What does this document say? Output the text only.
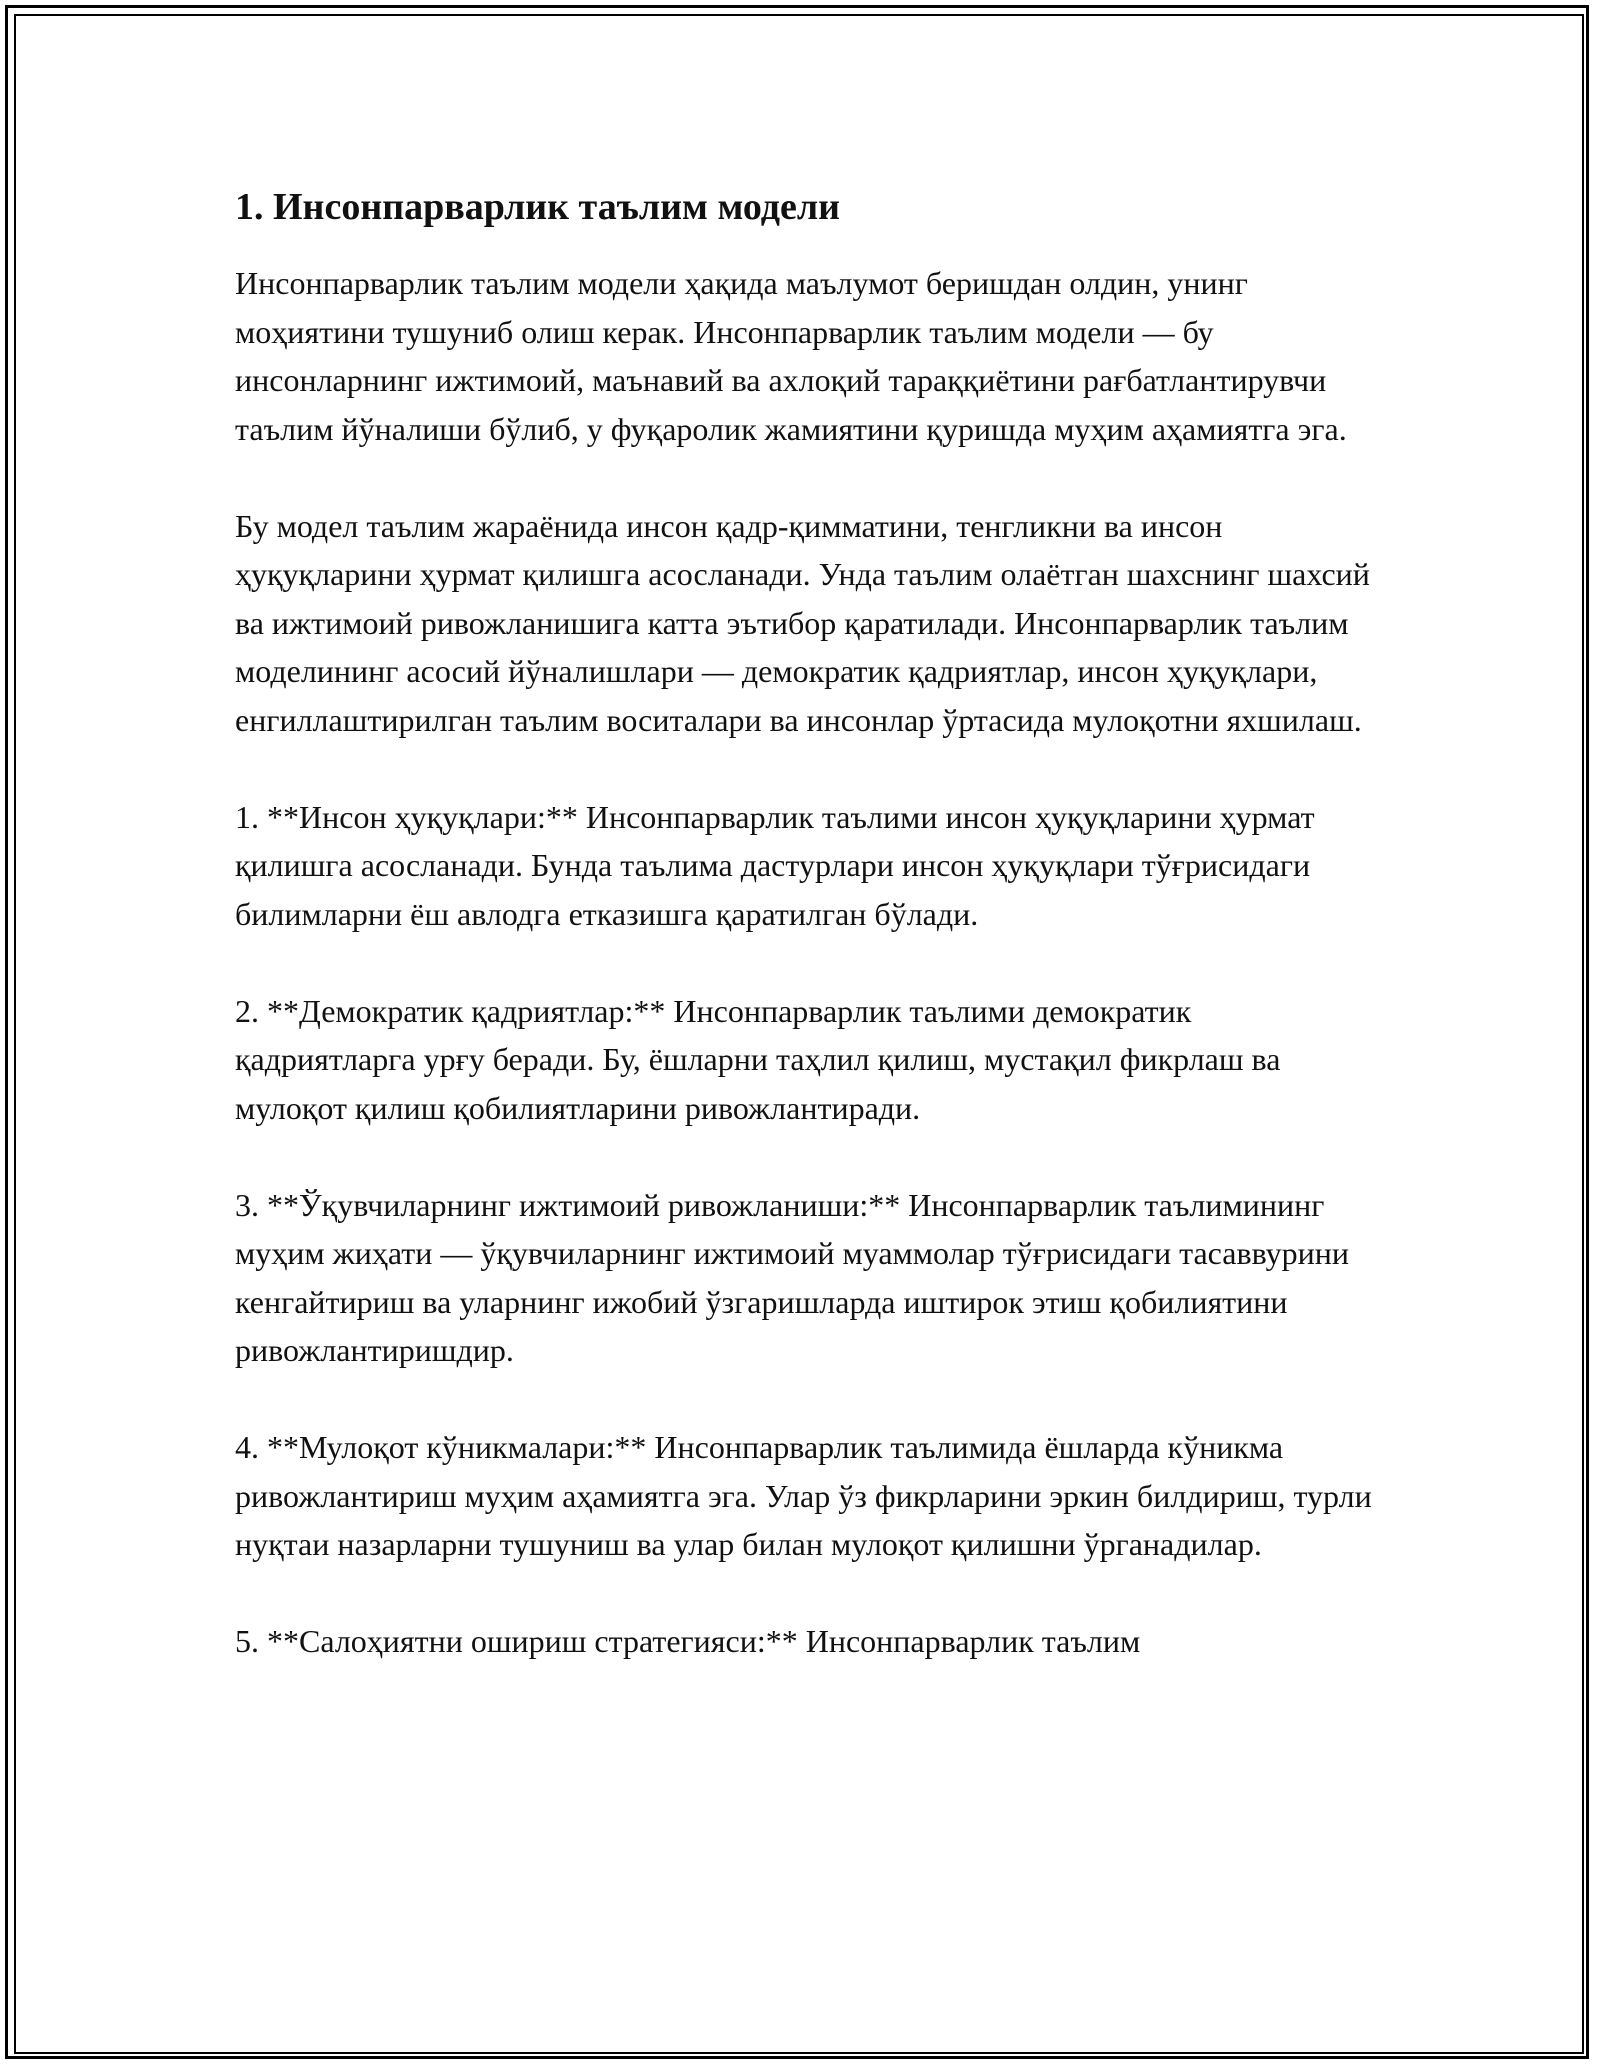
1. Инсонпарварлик таълим модели

Инсонпарварлик таълим модели ҳақида маълумот беришдан олдин, унинг моҳиятини тушуниб олиш керак. Инсонпарварлик таълим модели — бу инсонларнинг ижтимоий, маънавий ва ахлоқий тараққиётини рағбатлантирувчи таълим йўналиши бўлиб, у фуқаролик жамиятини қуришда муҳим аҳамиятга эга.

Бу модел таълим жараёнида инсон қадр-қимматини, тенгликни ва инсон ҳуқуқларини ҳурмат қилишга асосланади. Унда таълим олаётган шахснинг шахсий ва ижтимоий ривожланишига катта эътибор қаратилади. Инсонпарварлик таълим моделининг асосий йўналишлари — демократик қадриятлар, инсон ҳуқуқлари, енгиллаштирилган таълим воситалари ва инсонлар ўртасида мулоқотни яхшилаш.

1. **Инсон ҳуқуқлари:** Инсонпарварлик таълими инсон ҳуқуқларини ҳурмат қилишга асосланади. Бунда таълима дастурлари инсон ҳуқуқлари тўғрисидаги билимларни ёш авлодга етказишга қаратилган бўлади.

2. **Демократик қадриятлар:** Инсонпарварлик таълими демократик қадриятларга урғу беради. Бу, ёшларни таҳлил қилиш, мустақил фикрлаш ва мулоқот қилиш қобилиятларини ривожлантиради.

3. **Ўқувчиларнинг ижтимоий ривожланиши:** Инсонпарварлик таълимининг муҳим жиҳати — ўқувчиларнинг ижтимоий муаммолар тўғрисидаги тасаввурини кенгайтириш ва уларнинг ижобий ўзгаришларда иштирок этиш қобилиятини ривожлантиришдир.

4. **Мулоқот кўникмалари:** Инсонпарварлик таълимида ёшларда кўникма ривожлантириш муҳим аҳамиятга эга. Улар ўз фикрларини эркин билдириш, турли нуқтаи назарларни тушуниш ва улар билан мулоқот қилишни ўрганадилар.

5. **Салоҳиятни ошириш стратегияси:** Инсонпарварлик таълим
